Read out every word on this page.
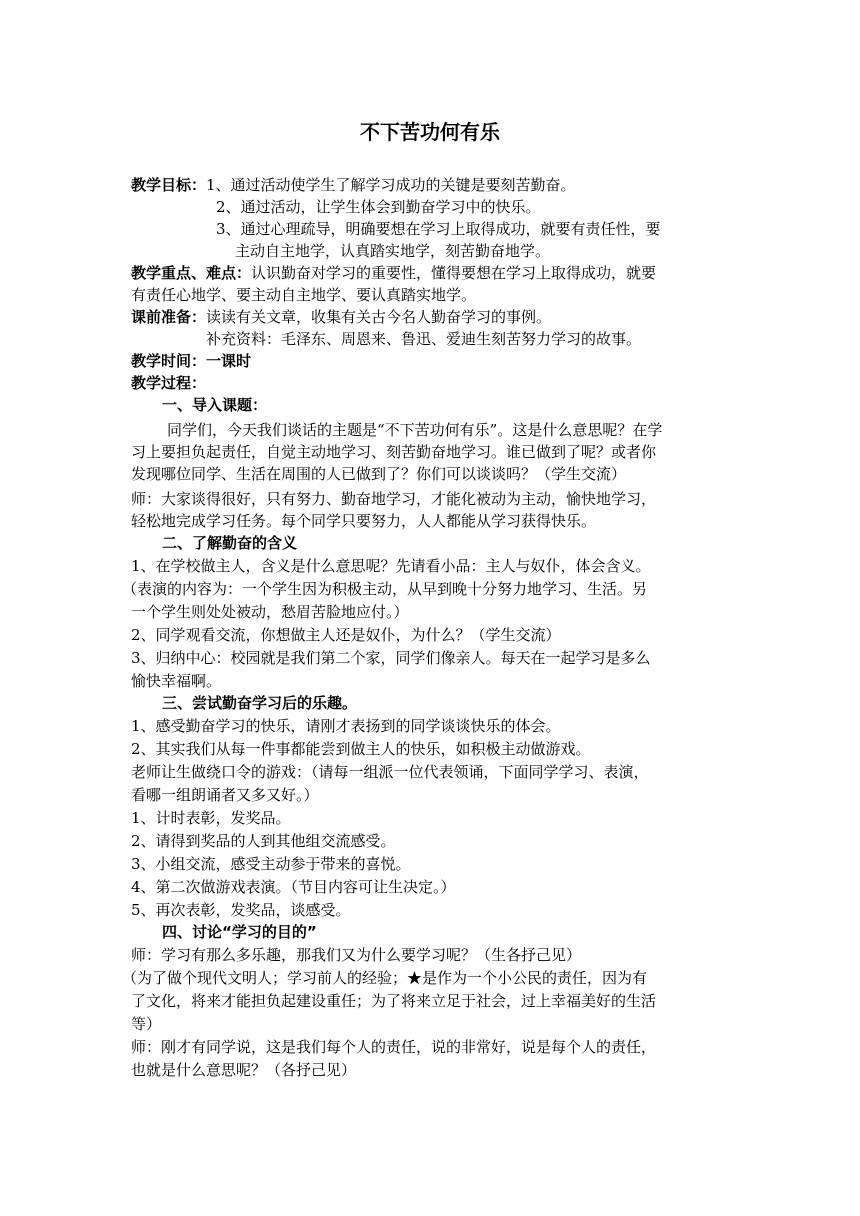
不下苦功何有乐
教学目标：1、通过活动使学生了解学习成功的关键是要刻苦勤奋。
2、通过活动，让学生体会到勤奋学习中的快乐。
3、通过心理疏导，明确要想在学习上取得成功，就要有责任性，要
主动自主地学，认真踏实地学，刻苦勤奋地学。
教学重点、难点：认识勤奋对学习的重要性，懂得要想在学习上取得成功，就要
有责任心地学、要主动自主地学、要认真踏实地学。
课前准备：读读有关文章，收集有关古今名人勤奋学习的事例。
补充资料：毛泽东、周恩来、鲁迅、爱迪生刻苦努力学习的故事。
教学时间：一课时
教学过程：
一、导入课题：
同学们，今天我们谈话的主题是“不下苦功何有乐”。这是什么意思呢？在学
习上要担负起责任，自觉主动地学习、刻苦勤奋地学习。谁已做到了呢？或者你
发现哪位同学、生活在周围的人已做到了？你们可以谈谈吗？（学生交流）
师：大家谈得很好，只有努力、勤奋地学习，才能化被动为主动，愉快地学习，
轻松地完成学习任务。每个同学只要努力，人人都能从学习获得快乐。
二、了解勤奋的含义
1、在学校做主人，含义是什么意思呢？先请看小品：主人与奴仆，体会含义。
（表演的内容为：一个学生因为积极主动，从早到晚十分努力地学习、生活。另
一个学生则处处被动，愁眉苦脸地应付。）
2、同学观看交流，你想做主人还是奴仆，为什么？（学生交流）
3、归纳中心：校园就是我们第二个家，同学们像亲人。每天在一起学习是多么
愉快幸福啊。
三、尝试勤奋学习后的乐趣。
1、感受勤奋学习的快乐，请刚才表扬到的同学谈谈快乐的体会。
2、其实我们从每一件事都能尝到做主人的快乐，如积极主动做游戏。
老师让生做绕口令的游戏：（请每一组派一位代表领诵，下面同学学习、表演，
看哪一组朗诵者又多又好。）
1、计时表彰，发奖品。
2、请得到奖品的人到其他组交流感受。
3、小组交流，感受主动参于带来的喜悦。
4、第二次做游戏表演。（节目内容可让生决定。）
5、再次表彰，发奖品，谈感受。
四、讨论“学习的目的”
师：学习有那么多乐趣，那我们又为什么要学习呢？（生各抒己见）
（为了做个现代文明人；学习前人的经验；★是作为一个小公民的责任，因为有
了文化，将来才能担负起建设重任；为了将来立足于社会，过上幸福美好的生活
等）
师：刚才有同学说，这是我们每个人的责任，说的非常好，说是每个人的责任，
也就是什么意思呢？（各抒己见）
